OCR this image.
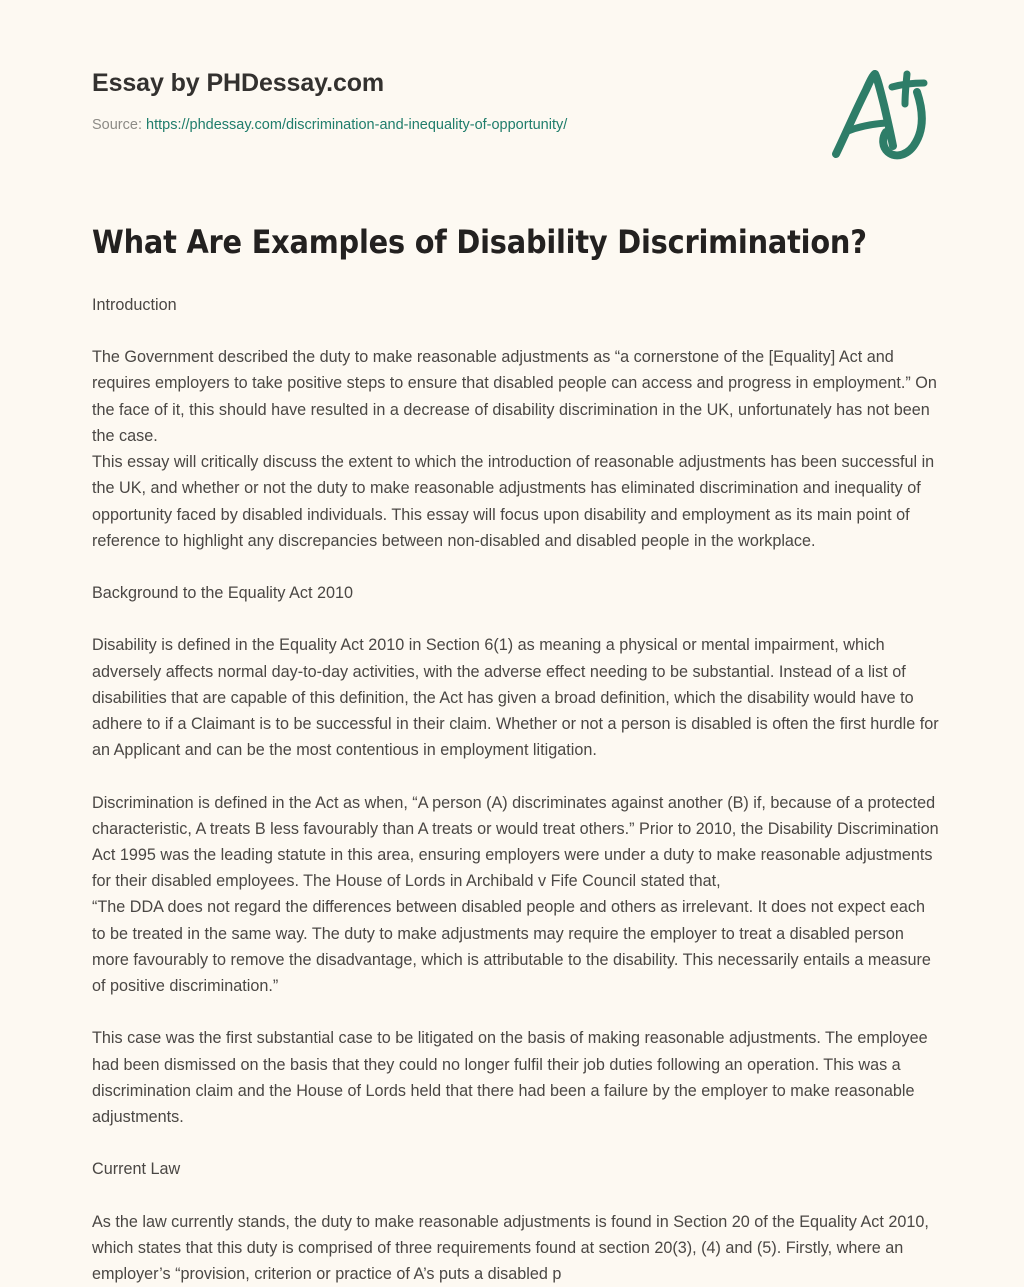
Essay by PHDessay.com
Source: https://phdessay.com/discrimination-and-inequality-of-opportunity/
What Are Examples of Disability Discrimination?
Introduction
The Government described the duty to make reasonable adjustments as “a cornerstone of the [Equality] Act and requires employers to take positive steps to ensure that disabled people can access and progress in employment.” On the face of it, this should have resulted in a decrease of disability discrimination in the UK, unfortunately has not been the case.
This essay will critically discuss the extent to which the introduction of reasonable adjustments has been successful in the UK, and whether or not the duty to make reasonable adjustments has eliminated discrimination and inequality of opportunity faced by disabled individuals. This essay will focus upon disability and employment as its main point of reference to highlight any discrepancies between non-disabled and disabled people in the workplace.
Background to the Equality Act 2010
Disability is defined in the Equality Act 2010 in Section 6(1) as meaning a physical or mental impairment, which adversely affects normal day-to-day activities, with the adverse effect needing to be substantial. Instead of a list of disabilities that are capable of this definition, the Act has given a broad definition, which the disability would have to adhere to if a Claimant is to be successful in their claim. Whether or not a person is disabled is often the first hurdle for an Applicant and can be the most contentious in employment litigation.
Discrimination is defined in the Act as when, “A person (A) discriminates against another (B) if, because of a protected characteristic, A treats B less favourably than A treats or would treat others.” Prior to 2010, the Disability Discrimination Act 1995 was the leading statute in this area, ensuring employers were under a duty to make reasonable adjustments for their disabled employees. The House of Lords in Archibald v Fife Council stated that,
“The DDA does not regard the differences between disabled people and others as irrelevant. It does not expect each to be treated in the same way. The duty to make adjustments may require the employer to treat a disabled person more favourably to remove the disadvantage, which is attributable to the disability. This necessarily entails a measure of positive discrimination.”
This case was the first substantial case to be litigated on the basis of making reasonable adjustments. The employee had been dismissed on the basis that they could no longer fulfil their job duties following an operation. This was a discrimination claim and the House of Lords held that there had been a failure by the employer to make reasonable adjustments.
Current Law
As the law currently stands, the duty to make reasonable adjustments is found in Section 20 of the Equality Act 2010, which states that this duty is comprised of three requirements found at section 20(3), (4) and (5). Firstly, where an employer’s “provision, criterion or practice of A’s puts a disabled p
